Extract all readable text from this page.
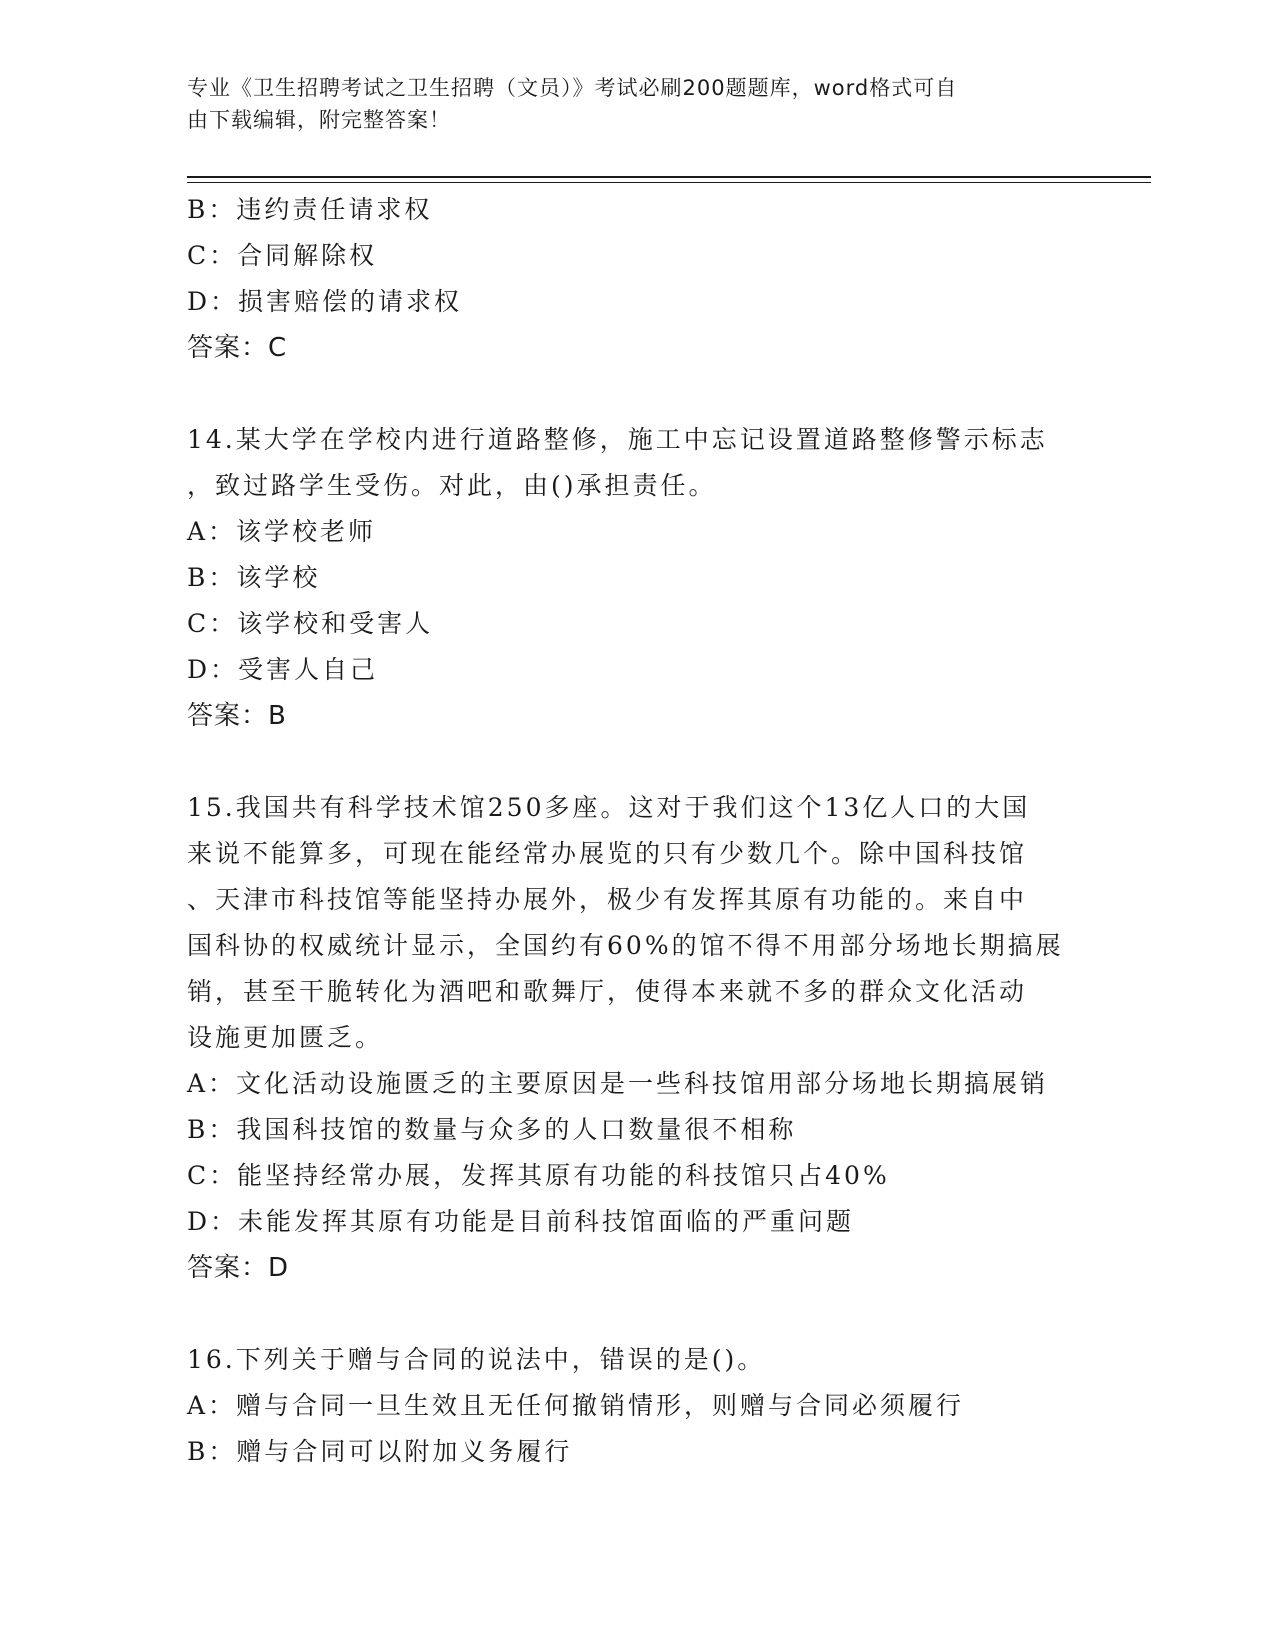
专业《卫生招聘考试之卫生招聘（文员）》考试必刷200题题库，word格式可自
由下载编辑，附完整答案！
B：违约责任请求权
C：合同解除权
D：损害赔偿的请求权
答案：C
14.某大学在学校内进行道路整修，施工中忘记设置道路整修警示标志
，致过路学生受伤。对此，由()承担责任。
A：该学校老师
B：该学校
C：该学校和受害人
D：受害人自己
答案：B
15.我国共有科学技术馆250多座。这对于我们这个13亿人口的大国
来说不能算多，可现在能经常办展览的只有少数几个。除中国科技馆
、天津市科技馆等能坚持办展外，极少有发挥其原有功能的。来自中
国科协的权威统计显示，全国约有60%的馆不得不用部分场地长期搞展
销，甚至干脆转化为酒吧和歌舞厅，使得本来就不多的群众文化活动
设施更加匮乏。
A：文化活动设施匮乏的主要原因是一些科技馆用部分场地长期搞展销
B：我国科技馆的数量与众多的人口数量很不相称
C：能坚持经常办展，发挥其原有功能的科技馆只占40%
D：未能发挥其原有功能是目前科技馆面临的严重问题
答案：D
16.下列关于赠与合同的说法中，错误的是()。
A：赠与合同一旦生效且无任何撤销情形，则赠与合同必须履行
B：赠与合同可以附加义务履行
